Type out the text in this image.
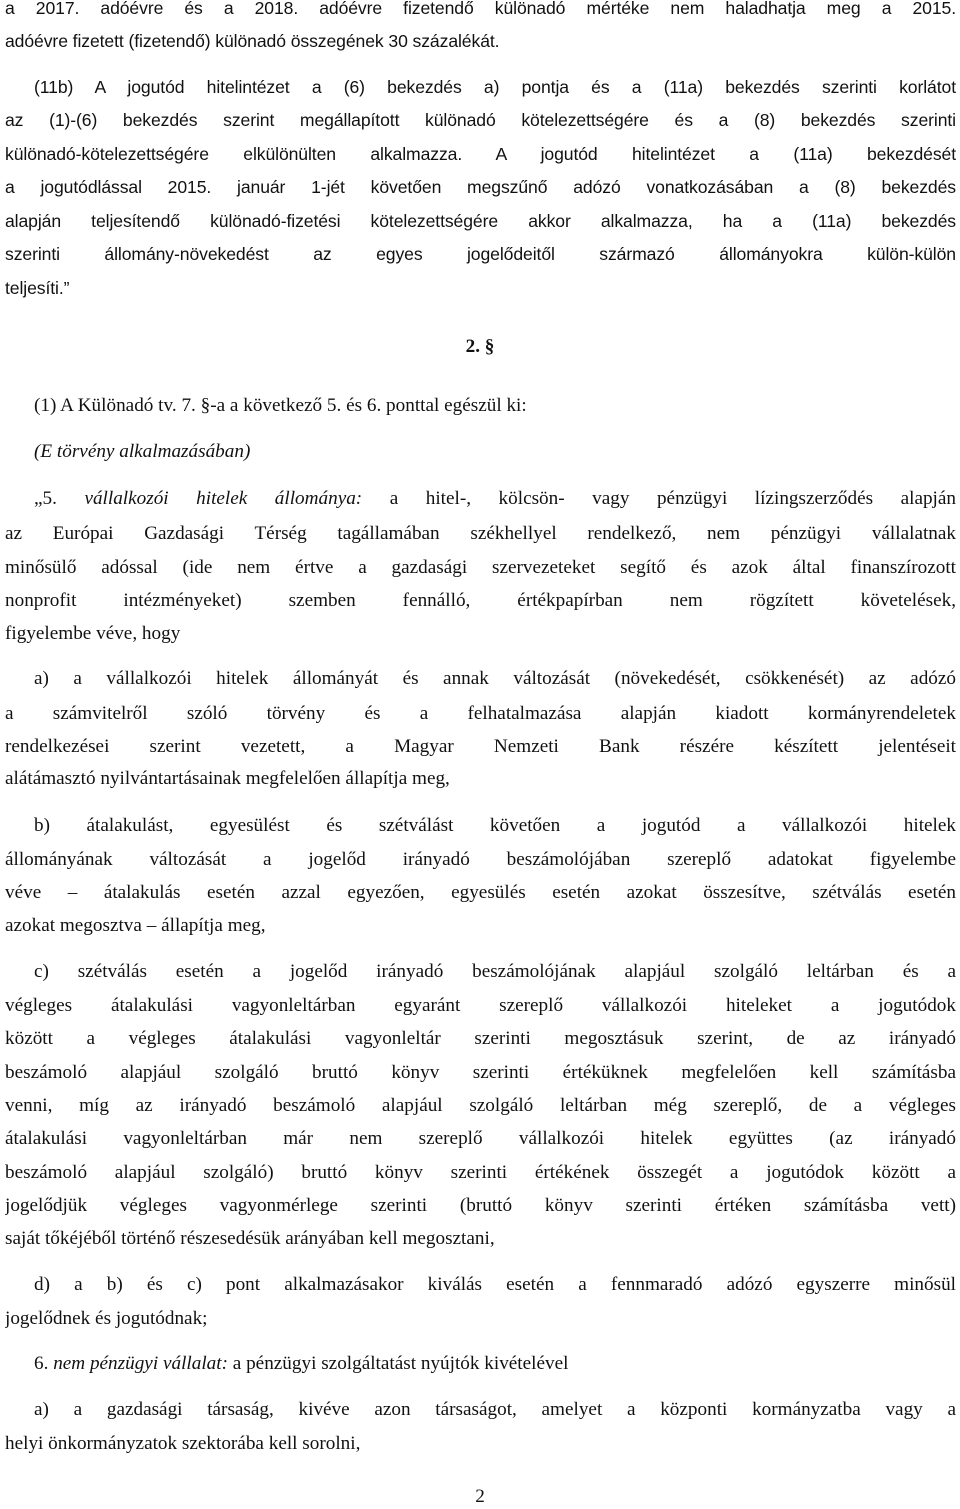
a 2017. adóévre és a 2018. adóévre fizetendő különadó mértéke nem haladhatja meg a 2015.
adóévre fizetett (fizetendő) különadó összegének 30 százalékát.
(11b) A jogutód hitelintézet a (6) bekezdés a) pontja és a (11a) bekezdés szerinti korlátot
az (1)-(6) bekezdés szerint megállapított különadó kötelezettségére és a (8) bekezdés szerinti
különadó-kötelezettségére elkülönülten alkalmazza. A jogutód hitelintézet a (11a) bekezdését
a jogutódlással 2015. január 1-jét követően megszűnő adózó vonatkozásában a (8) bekezdés
alapján teljesítendő különadó-fizetési kötelezettségére akkor alkalmazza, ha a (11a) bekezdés
szerinti állomány-növekedést az egyes jogelődeitől származó állományokra külön-külön
teljesíti.”
2. §
(1) A Különadó tv. 7. §-a a következő 5. és 6. ponttal egészül ki:
(E törvény alkalmazásában)
„5. vállalkozói hitelek állománya: a hitel-, kölcsön- vagy pénzügyi lízingszerződés alapján
az Európai Gazdasági Térség tagállamában székhellyel rendelkező, nem pénzügyi vállalatnak
minősülő adóssal (ide nem értve a gazdasági szervezeteket segítő és azok által finanszírozott
nonprofit intézményeket) szemben fennálló, értékpapírban nem rögzített követelések,
figyelembe véve, hogy
a) a vállalkozói hitelek állományát és annak változását (növekedését, csökkenését) az adózó
a számvitelről szóló törvény és a felhatalmazása alapján kiadott kormányrendeletek
rendelkezései szerint vezetett, a Magyar Nemzeti Bank részére készített jelentéseit
alátámasztó nyilvántartásainak megfelelően állapítja meg,
b) átalakulást, egyesülést és szétválást követően a jogutód a vállalkozói hitelek
állományának változását a jogelőd irányadó beszámolójában szereplő adatokat figyelembe
véve – átalakulás esetén azzal egyezően, egyesülés esetén azokat összesítve, szétválás esetén
azokat megosztva – állapítja meg,
c) szétválás esetén a jogelőd irányadó beszámolójának alapjául szolgáló leltárban és a
végleges átalakulási vagyonleltárban egyaránt szereplő vállalkozói hiteleket a jogutódok
között a végleges átalakulási vagyonleltár szerinti megosztásuk szerint, de az irányadó
beszámoló alapjául szolgáló bruttó könyv szerinti értéküknek megfelelően kell számításba
venni, míg az irányadó beszámoló alapjául szolgáló leltárban még szereplő, de a végleges
átalakulási vagyonleltárban már nem szereplő vállalkozói hitelek együttes (az irányadó
beszámoló alapjául szolgáló) bruttó könyv szerinti értékének összegét a jogutódok között a
jogelődjük végleges vagyonmérlege szerinti (bruttó könyv szerinti értéken számításba vett)
saját tőkéjéből történő részesedésük arányában kell megosztani,
d) a b) és c) pont alkalmazásakor kiválás esetén a fennmaradó adózó egyszerre minősül
jogelődnek és jogutódnak;
6. nem pénzügyi vállalat: a pénzügyi szolgáltatást nyújtók kivételével
a) a gazdasági társaság, kivéve azon társaságot, amelyet a központi kormányzatba vagy a
helyi önkormányzatok szektorába kell sorolni,
2
